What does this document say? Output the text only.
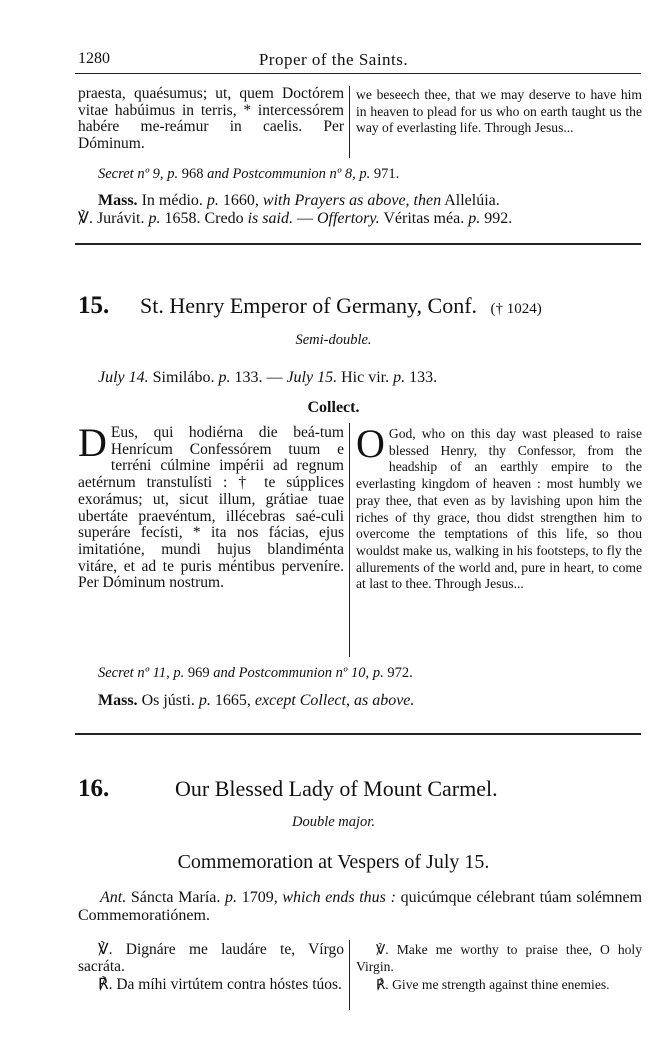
1280	Proper of the Saints.
praesta, quaésumus; ut, quem Doctórem vitae habúimus in terris, * intercessórem habére me-reámur in caelis. Per Dóminum.
we beseech thee, that we may deserve to have him in heaven to plead for us who on earth taught us the way of everlasting life. Through Jesus...
Secret nº 9, p. 968 and Postcommunion nº 8, p. 971.
Mass. In médio. p. 1660, with Prayers as above, then Allelúia.
℣. Jurávit. p. 1658. Credo is said. — Offertory. Véritas méa. p. 992.
15. St. Henry Emperor of Germany, Conf. († 1024)
Semi-double.
July 14. Similábo. p. 133. — July 15. Hic vir. p. 133.
Collect.
D Eus, qui hodiérna die beá-tum Henrícum Confessórem tuum e terréni cúlmine impérii ad regnum aetérnum transtulísti : † te súpplices exorámus; ut, sicut illum, grátiae tuae ubertáte praevéntum, illécebras saé-culi superáre fecísti, * ita nos fácias, ejus imitatióne, mundi hujus blandiménta vitáre, et ad te puris méntibus perveníre. Per Dóminum nostrum.
O God, who on this day wast pleased to raise blessed Henry, thy Confessor, from the headship of an earthly empire to the everlasting kingdom of heaven : most humbly we pray thee, that even as by lavishing upon him the riches of thy grace, thou didst strengthen him to overcome the temptations of this life, so thou wouldst make us, walking in his footsteps, to fly the allurements of the world and, pure in heart, to come at last to thee. Through Jesus...
Secret nº 11, p. 969 and Postcommunion nº 10, p. 972.
Mass. Os jústi. p. 1665, except Collect, as above.
16.	Our Blessed Lady of Mount Carmel.
Double major.
Commemoration at Vespers of July 15.
Ant. Sáncta María. p. 1709, which ends thus : quicúmque célebrant túam solémnem Commemoratiónem.
℣. Dignáre me laudáre te, Vírgo sacráta.
℟. Da míhi virtútem contra hóstes túos.
℣. Make me worthy to praise thee, O holy Virgin.
℟. Give me strength against thine enemies.
